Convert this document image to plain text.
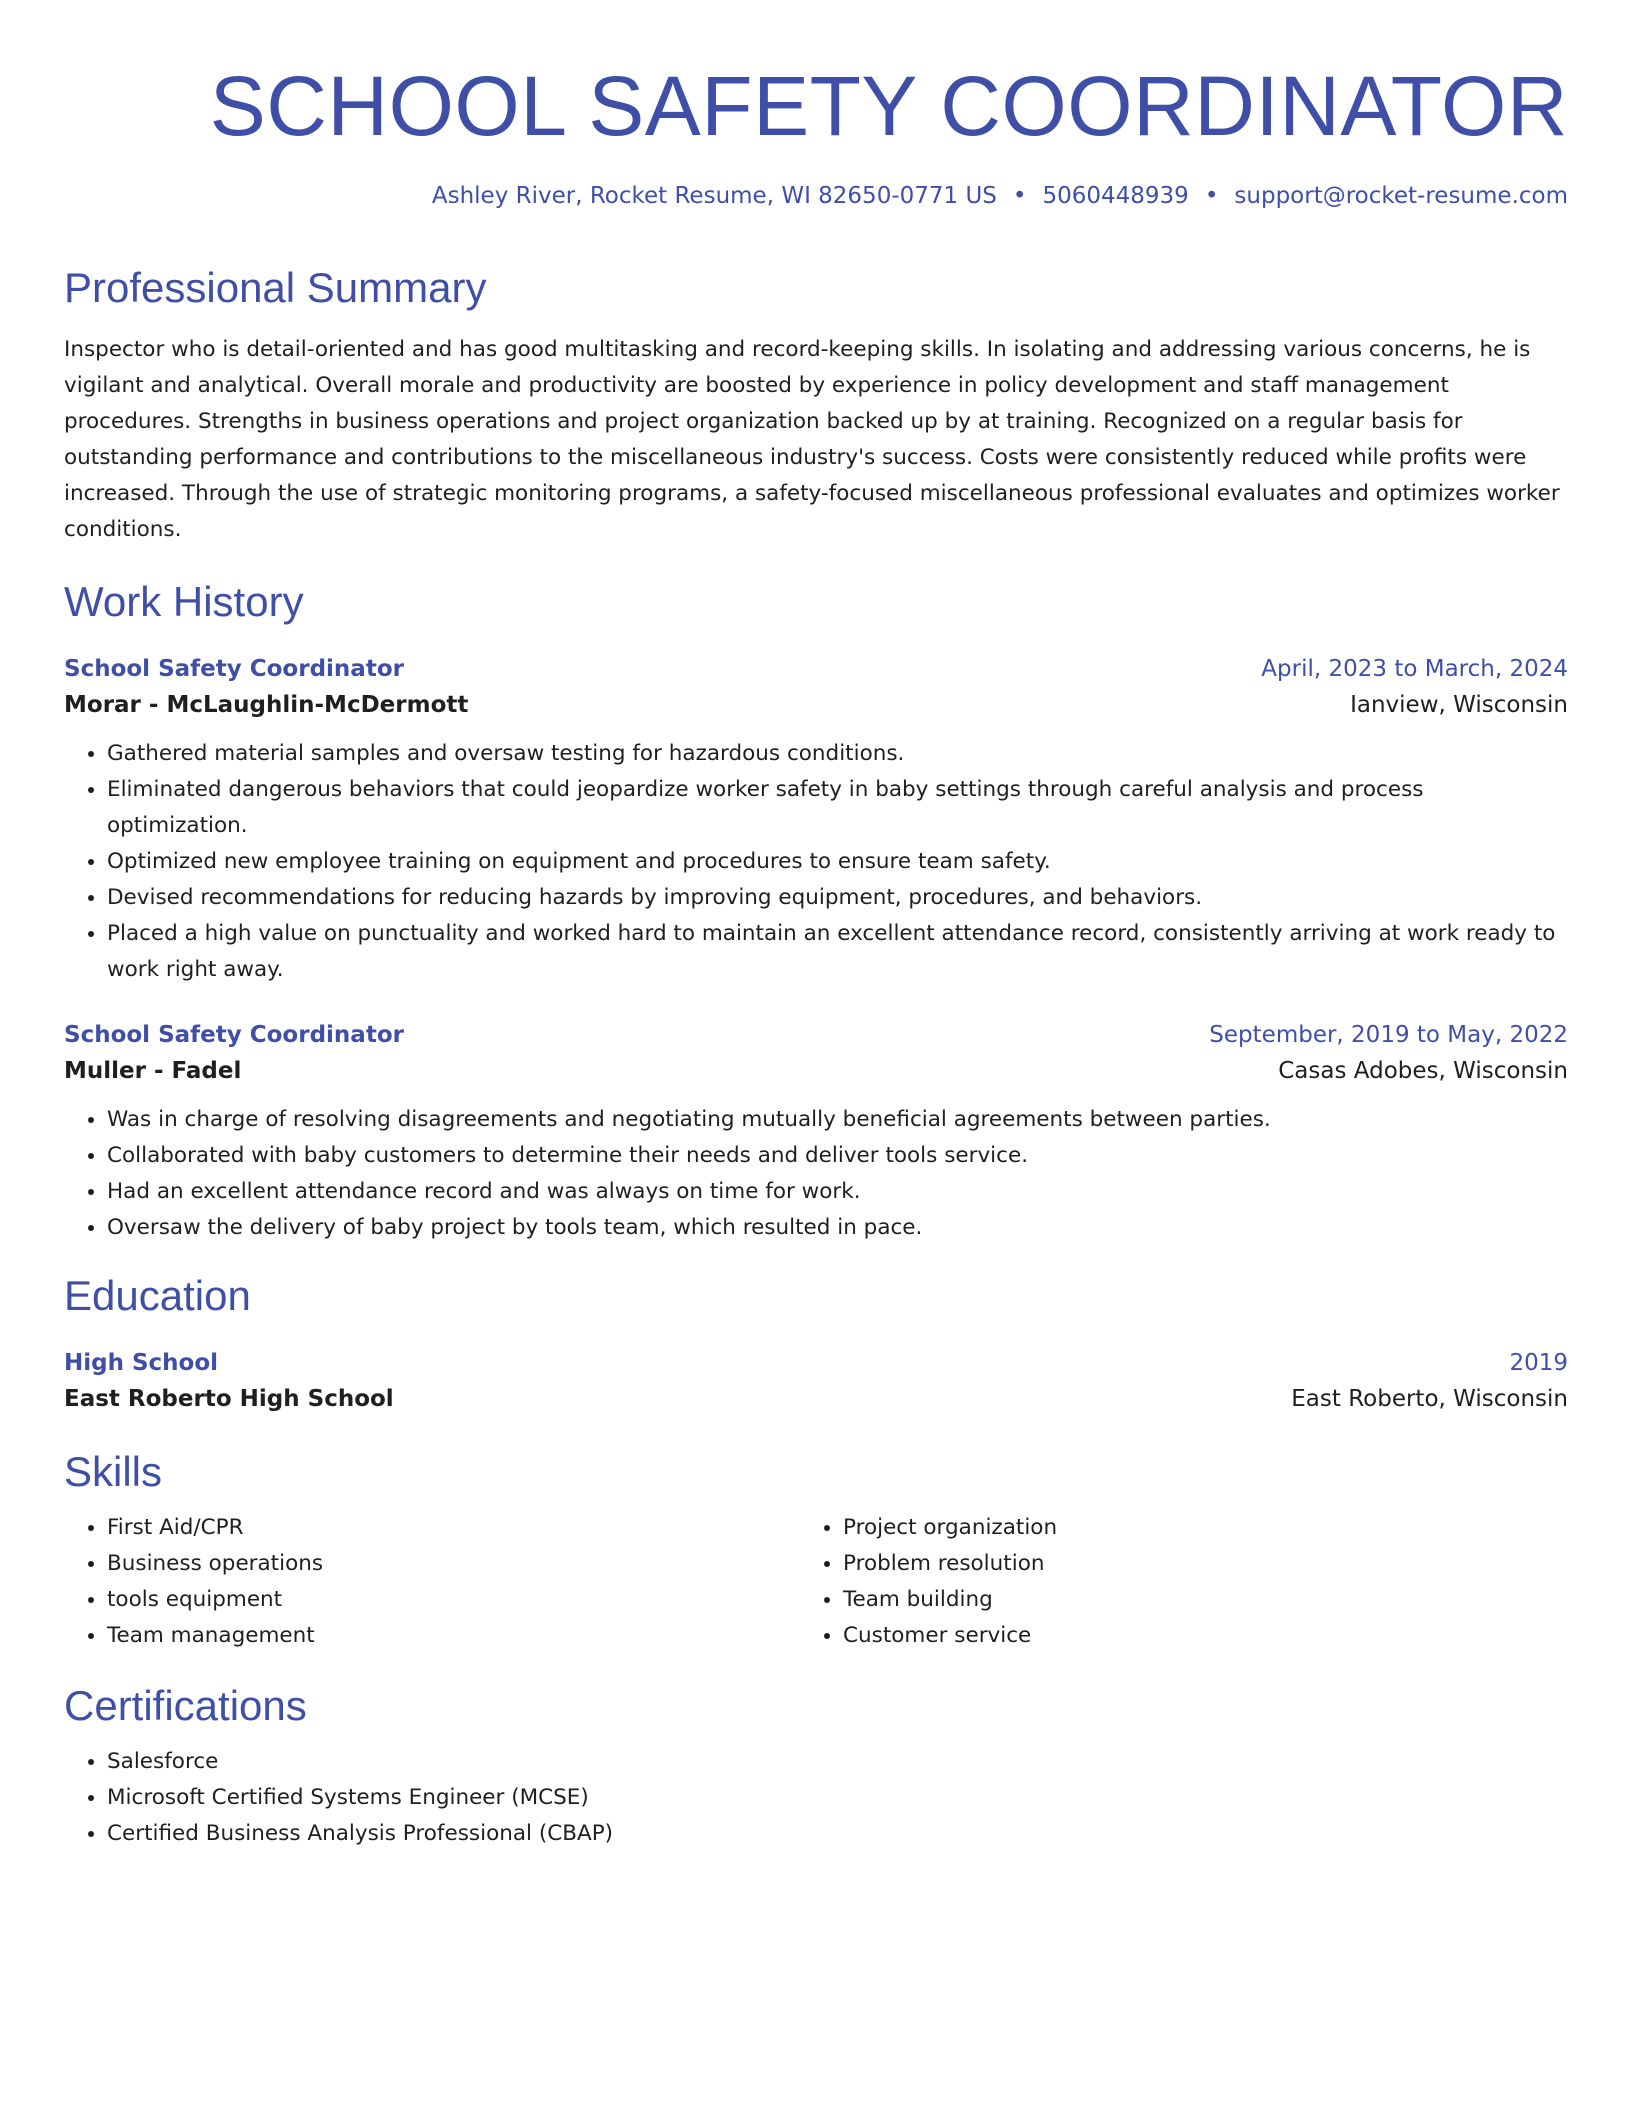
SCHOOL SAFETY COORDINATOR
Ashley River, Rocket Resume, WI 82650-0771 US • 5060448939 • support@rocket-resume.com
Professional Summary

Inspector who is detail-oriented and has good multitasking and record-keeping skills. In isolating and addressing various concerns, he is vigilant and analytical. Overall morale and productivity are boosted by experience in policy development and staff management procedures. Strengths in business operations and project organization backed up by at training. Recognized on a regular basis for outstanding performance and contributions to the miscellaneous industry's success. Costs were consistently reduced while profits were increased. Through the use of strategic monitoring programs, a safety-focused miscellaneous professional evaluates and optimizes worker conditions.

Work History
School Safety Coordinator	April, 2023 to March, 2024
Morar - McLaughlin-McDermott	Ianview, Wisconsin
• Gathered material samples and oversaw testing for hazardous conditions.
• Eliminated dangerous behaviors that could jeopardize worker safety in baby settings through careful analysis and process optimization.
• Optimized new employee training on equipment and procedures to ensure team safety.
• Devised recommendations for reducing hazards by improving equipment, procedures, and behaviors.
• Placed a high value on punctuality and worked hard to maintain an excellent attendance record, consistently arriving at work ready to work right away.
School Safety Coordinator	September, 2019 to May, 2022
Muller - Fadel	Casas Adobes, Wisconsin
• Was in charge of resolving disagreements and negotiating mutually beneficial agreements between parties.
• Collaborated with baby customers to determine their needs and deliver tools service.
• Had an excellent attendance record and was always on time for work.
• Oversaw the delivery of baby project by tools team, which resulted in pace.
Education
High School	2019
East Roberto High School	East Roberto, Wisconsin
Skills
• First Aid/CPR
• Business operations
• tools equipment
• Team management
• Project organization
• Problem resolution
• Team building
• Customer service
Certifications
• Salesforce
• Microsoft Certified Systems Engineer (MCSE)
• Certified Business Analysis Professional (CBAP)
